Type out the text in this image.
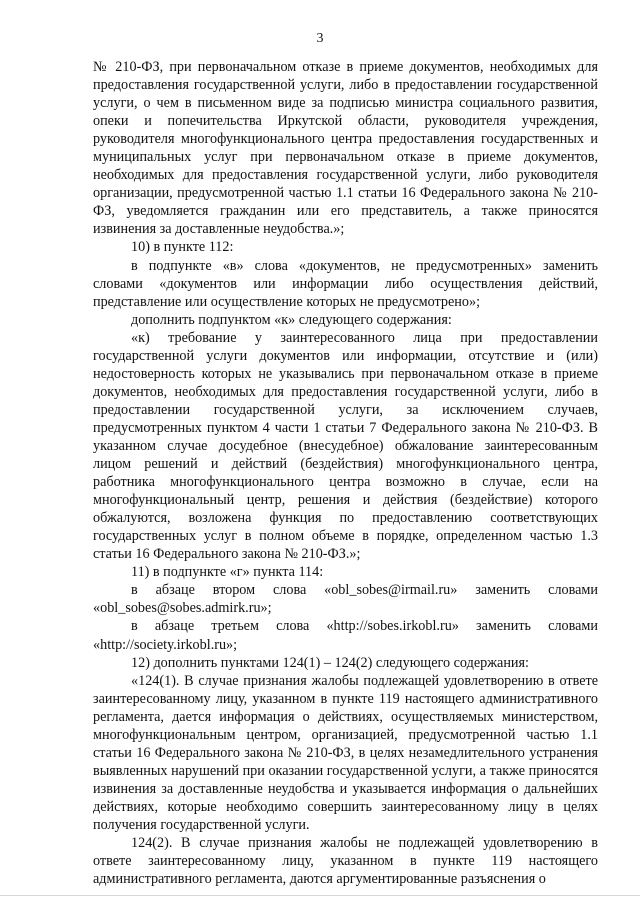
3

№ 210-ФЗ, при первоначальном отказе в приеме документов, необходимых для предоставления государственной услуги, либо в предоставлении государственной услуги, о чем в письменном виде за подписью министра социального развития, опеки и попечительства Иркутской области, руководителя учреждения, руководителя многофункционального центра предоставления государственных и муниципальных услуг при первоначальном отказе в приеме документов, необходимых для предоставления государственной услуги, либо руководителя организации, предусмотренной частью 1.1 статьи 16 Федерального закона № 210-ФЗ, уведомляется гражданин или его представитель, а также приносятся извинения за доставленные неудобства.»;

10) в пункте 112:

в подпункте «в» слова «документов, не предусмотренных» заменить словами «документов или информации либо осуществления действий, представление или осуществление которых не предусмотрено»;

дополнить подпунктом «к» следующего содержания:

«к) требование у заинтересованного лица при предоставлении государственной услуги документов или информации, отсутствие и (или) недостоверность которых не указывались при первоначальном отказе в приеме документов, необходимых для предоставления государственной услуги, либо в предоставлении государственной услуги, за исключением случаев, предусмотренных пунктом 4 части 1 статьи 7 Федерального закона № 210-ФЗ. В указанном случае досудебное (внесудебное) обжалование заинтересованным лицом решений и действий (бездействия) многофункционального центра, работника многофункционального центра возможно в случае, если на многофункциональный центр, решения и действия (бездействие) которого обжалуются, возложена функция по предоставлению соответствующих государственных услуг в полном объеме в порядке, определенном частью 1.3 статьи 16 Федерального закона № 210-ФЗ.»;

11) в подпункте «г» пункта 114:

в абзаце втором слова «obl_sobes@irmail.ru» заменить словами «obl_sobes@sobes.admirk.ru»;

в абзаце третьем слова «http://sobes.irkobl.ru» заменить словами «http://society.irkobl.ru»;

12) дополнить пунктами 124(1) – 124(2) следующего содержания:

«124(1). В случае признания жалобы подлежащей удовлетворению в ответе заинтересованному лицу, указанном в пункте 119 настоящего административного регламента, дается информация о действиях, осуществляемых министерством, многофункциональным центром, организацией, предусмотренной частью 1.1 статьи 16 Федерального закона № 210-ФЗ, в целях незамедлительного устранения выявленных нарушений при оказании государственной услуги, а также приносятся извинения за доставленные неудобства и указывается информация о дальнейших действиях, которые необходимо совершить заинтересованному лицу в целях получения государственной услуги.

124(2). В случае признания жалобы не подлежащей удовлетворению в ответе заинтересованному лицу, указанном в пункте 119 настоящего административного регламента, даются аргументированные разъяснения о
